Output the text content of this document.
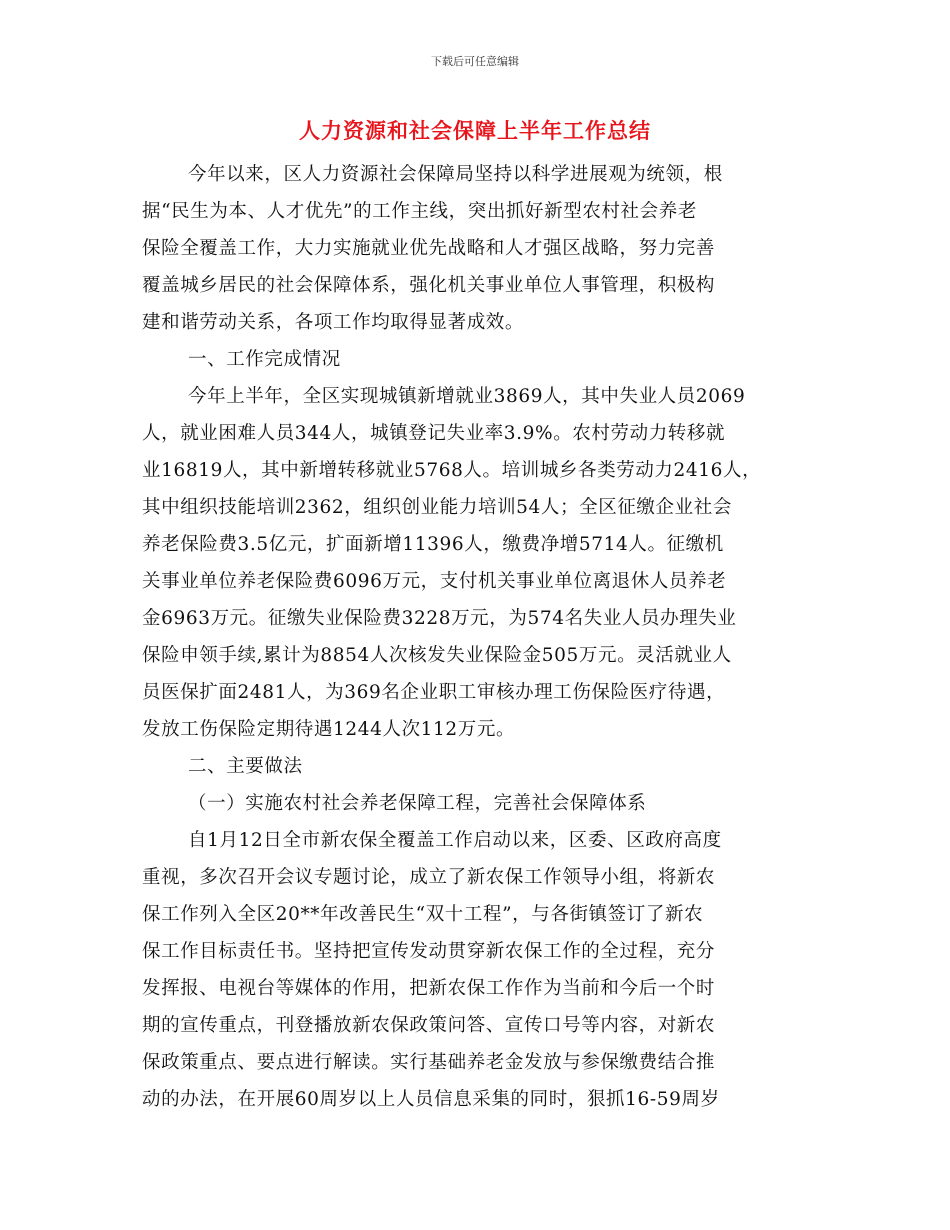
下载后可任意编辑
人力资源和社会保障上半年工作总结
今年以来，区人力资源社会保障局坚持以科学进展观为统领，根
据“民生为本、人才优先”的工作主线，突出抓好新型农村社会养老
保险全覆盖工作，大力实施就业优先战略和人才强区战略，努力完善
覆盖城乡居民的社会保障体系，强化机关事业单位人事管理，积极构
建和谐劳动关系，各项工作均取得显著成效。
一、工作完成情况
今年上半年，全区实现城镇新增就业3869人，其中失业人员2069
人，就业困难人员344人，城镇登记失业率3.9%。农村劳动力转移就
业16819人，其中新增转移就业5768人。培训城乡各类劳动力2416人，
其中组织技能培训2362，组织创业能力培训54人；全区征缴企业社会
养老保险费3.5亿元，扩面新增11396人，缴费净增5714人。征缴机
关事业单位养老保险费6096万元，支付机关事业单位离退休人员养老
金6963万元。征缴失业保险费3228万元，为574名失业人员办理失业
保险申领手续,累计为8854人次核发失业保险金505万元。灵活就业人
员医保扩面2481人，为369名企业职工审核办理工伤保险医疗待遇，
发放工伤保险定期待遇1244人次112万元。
二、主要做法
（一）实施农村社会养老保障工程，完善社会保障体系
自1月12日全市新农保全覆盖工作启动以来，区委、区政府高度
重视，多次召开会议专题讨论，成立了新农保工作领导小组，将新农
保工作列入全区20**年改善民生“双十工程”，与各街镇签订了新农
保工作目标责任书。坚持把宣传发动贯穿新农保工作的全过程，充分
发挥报、电视台等媒体的作用，把新农保工作作为当前和今后一个时
期的宣传重点，刊登播放新农保政策问答、宣传口号等内容，对新农
保政策重点、要点进行解读。实行基础养老金发放与参保缴费结合推
动的办法，在开展60周岁以上人员信息采集的同时，狠抓16-59周岁
